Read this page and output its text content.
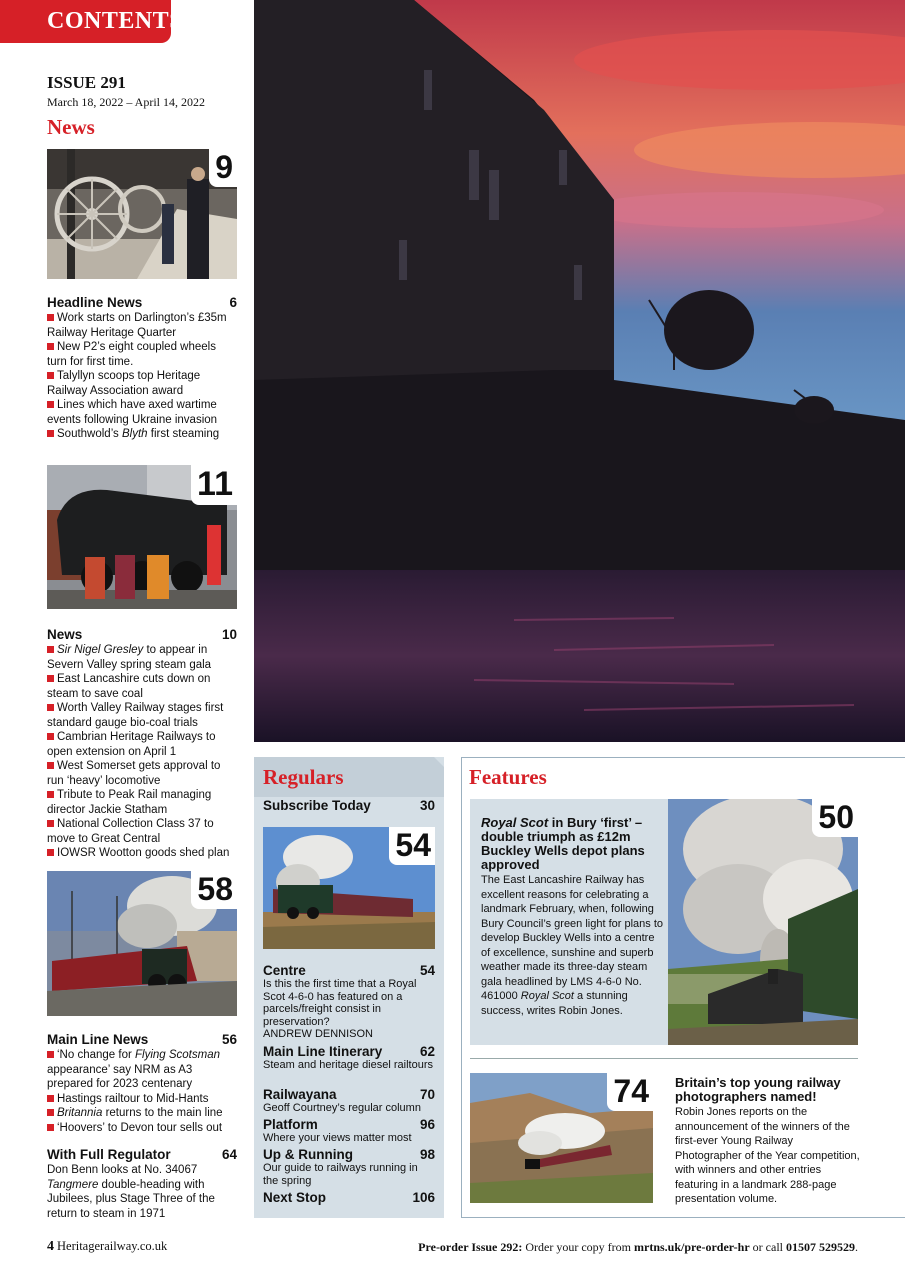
CONTENTS
ISSUE 291
March 18, 2022 – April 14, 2022
News
9
Headline News	6
Work starts on Darlington’s £35m Railway Heritage Quarter
New P2’s eight coupled wheels turn for first time.
Talyllyn scoops top Heritage Railway Association award
Lines which have axed wartime events following Ukraine invasion
Southwold’s Blyth first steaming
11
News	10
Sir Nigel Gresley to appear in Severn Valley spring steam gala
East Lancashire cuts down on steam to save coal
Worth Valley Railway stages first standard gauge bio-coal trials
Cambrian Heritage Railways to open extension on April 1
West Somerset gets approval to run ‘heavy’ locomotive
Tribute to Peak Rail managing director Jackie Statham
National Collection Class 37 to move to Great Central
IOWSR Wootton goods shed plan
58
Main Line News	56
‘No change for Flying Scotsman appearance’ say NRM as A3 prepared for 2023 centenary
Hastings railtour to Mid-Hants
Britannia returns to the main line
‘Hoovers’ to Devon tour sells out
With Full Regulator	64
Don Benn looks at No. 34067 Tangmere double-heading with Jubilees, plus Stage Three of the return to steam in 1971
Regulars
Subscribe Today	30
54
Centre	54
Is this the first time that a Royal Scot 4-6-0 has featured on a parcels/freight consist in preservation?
ANDREW DENNISON
Main Line Itinerary	62
Steam and heritage diesel railtours
Railwayana	70
Geoff Courtney’s regular column
Platform	96
Where your views matter most
Up & Running	98
Our guide to railways running in the spring
Next Stop	106
Features
Royal Scot in Bury ‘first’ – double triumph as £12m Buckley Wells depot plans approved
The East Lancashire Railway has excellent reasons for celebrating a landmark February, when, following Bury Council’s green light for plans to develop Buckley Wells into a centre of excellence, sunshine and superb weather made its three-day steam gala headlined by LMS 4-6-0 No. 461000 Royal Scot a stunning success, writes Robin Jones.
50
74	Britain’s top young railway photographers named!
Robin Jones reports on the announcement of the winners of the first-ever Young Railway Photographer of the Year competition, with winners and other entries featuring in a landmark 288-page presentation volume.
4 Heritagerailway.co.uk	Pre-order Issue 292: Order your copy from mrtns.uk/pre-order-hr or call 01507 529529.
